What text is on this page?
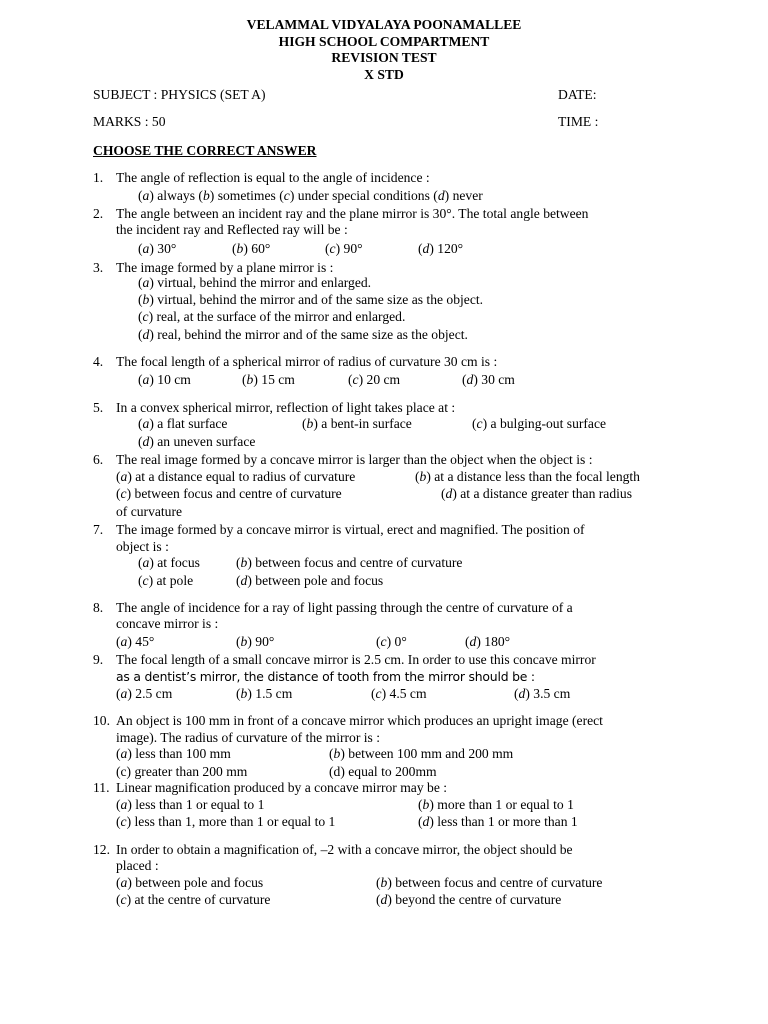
VELAMMAL VIDYALAYA POONAMALLEE
HIGH SCHOOL COMPARTMENT
REVISION TEST
X STD
SUBJECT : PHYSICS (SET A)	DATE:
MARKS : 50	TIME :
CHOOSE THE CORRECT ANSWER
1. The angle of reflection is equal to the angle of incidence :
(a) always (b) sometimes (c) under special conditions (d) never
2. The angle between an incident ray and the plane mirror is 30°. The total angle between
the incident ray and Reflected ray will be :
(a) 30°	(b) 60°	(c) 90°	(d) 120°
3. The image formed by a plane mirror is :
(a) virtual, behind the mirror and enlarged.
(b) virtual, behind the mirror and of the same size as the object.
(c) real, at the surface of the mirror and enlarged.
(d) real, behind the mirror and of the same size as the object.
4. The focal length of a spherical mirror of radius of curvature 30 cm is :
(a) 10 cm	(b) 15 cm	(c) 20 cm	(d) 30 cm
5. In a convex spherical mirror, reflection of light takes place at :
(a) a flat surface	(b) a bent-in surface	(c) a bulging-out surface
(d) an uneven surface
6. The real image formed by a concave mirror is larger than the object when the object is :
(a) at a distance equal to radius of curvature	(b) at a distance less than the focal length
(c) between focus and centre of curvature	(d) at a distance greater than radius
of curvature
7. The image formed by a concave mirror is virtual, erect and magnified. The position of
object is :
(a) at focus	(b) between focus and centre of curvature
(c) at pole	(d) between pole and focus
8. The angle of incidence for a ray of light passing through the centre of curvature of a
concave mirror is :
(a) 45°	(b) 90°	(c) 0°	(d) 180°
9. The focal length of a small concave mirror is 2.5 cm. In order to use this concave mirror
as a dentist’s mirror, the distance of tooth from the mirror should be :
(a) 2.5 cm	(b) 1.5 cm	(c) 4.5 cm	(d) 3.5 cm
10. An object is 100 mm in front of a concave mirror which produces an upright image (erect
image). The radius of curvature of the mirror is :
(a) less than 100 mm	(b) between 100 mm and 200 mm
(c) greater than 200 mm	(d) equal to 200mm
11. Linear magnification produced by a concave mirror may be :
(a) less than 1 or equal to 1	(b) more than 1 or equal to 1
(c) less than 1, more than 1 or equal to 1	(d) less than 1 or more than 1
12. In order to obtain a magnification of, –2 with a concave mirror, the object should be
placed :
(a) between pole and focus	(b) between focus and centre of curvature
(c) at the centre of curvature	(d) beyond the centre of curvature
